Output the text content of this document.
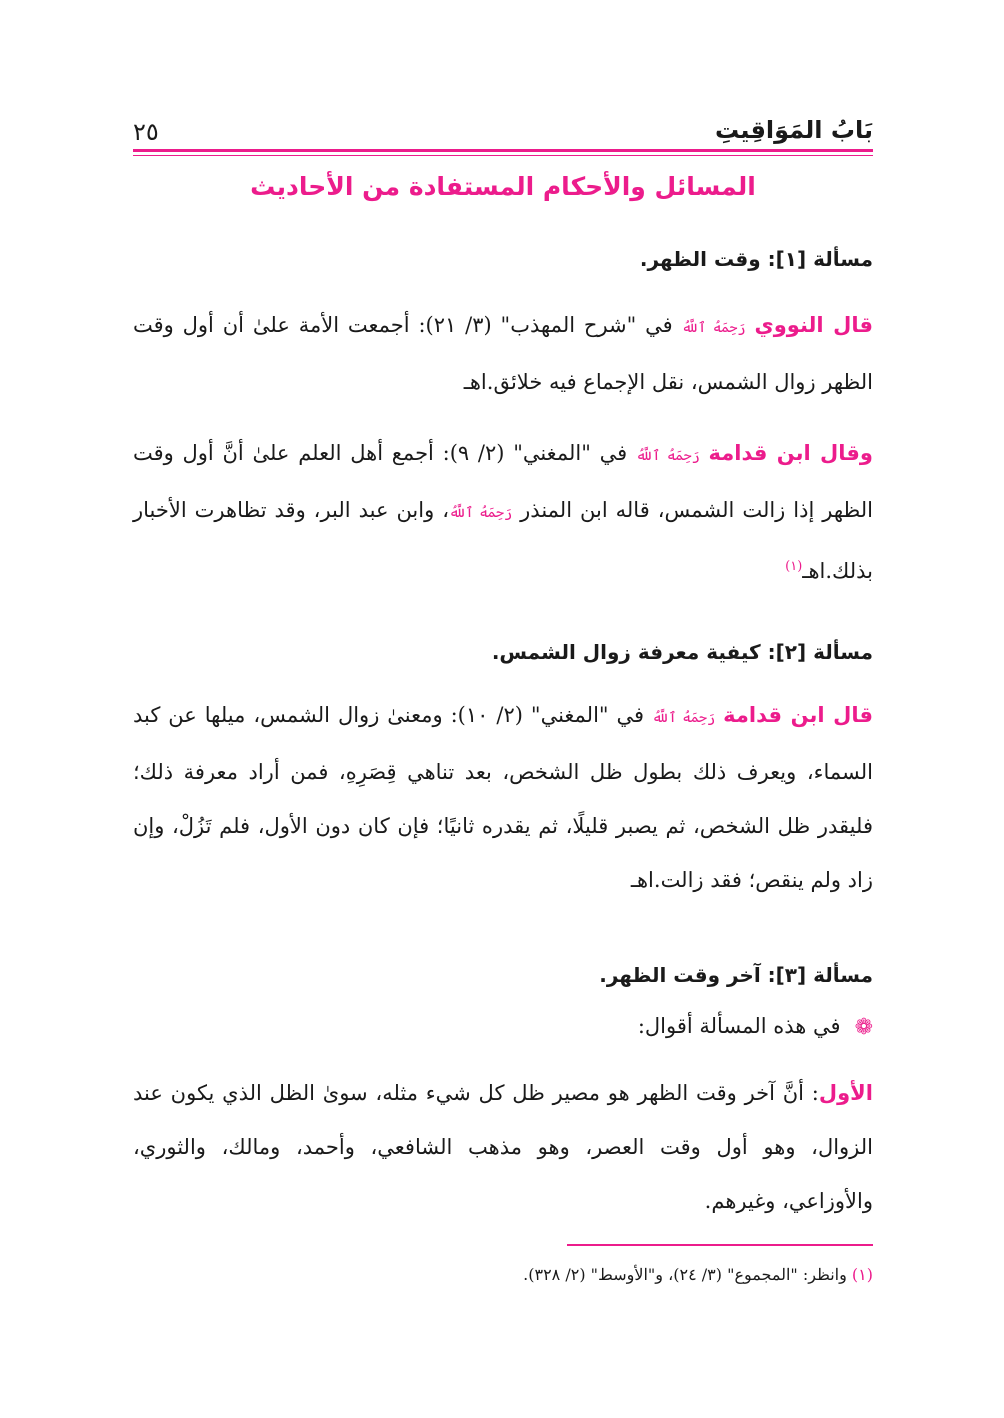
بَابُ المَوَاقِيتِ
٢٥
المسائل والأحكام المستفادة من الأحاديث
مسألة [١]: وقت الظهر.
قال النووي رَحِمَهُ ٱللَّهُ في "شرح المهذب" (٣/ ٢١): أجمعت الأمة علىٰ أن أول وقت الظهر زوال الشمس، نقل الإجماع فيه خلائق.اهـ
وقال ابن قدامة رَحِمَهُ ٱللَّهُ في "المغني" (٢/ ٩): أجمع أهل العلم علىٰ أنَّ أول وقت الظهر إذا زالت الشمس، قاله ابن المنذر رَحِمَهُ ٱللَّهُ، وابن عبد البر، وقد تظاهرت الأخبار بذلك.اهـ$^{(١)}$
مسألة [٢]: كيفية معرفة زوال الشمس.
قال ابن قدامة رَحِمَهُ ٱللَّهُ في "المغني" (٢/ ١٠): ومعنىٰ زوال الشمس، ميلها عن كبد السماء، ويعرف ذلك بطول ظل الشخص، بعد تناهي قِصَرِهِ، فمن أراد معرفة ذلك؛ فليقدر ظل الشخص، ثم يصبر قليلًا، ثم يقدره ثانيًا؛ فإن كان دون الأول، فلم تَزُلْ، وإن زاد ولم ينقص؛ فقد زالت.اهـ
مسألة [٣]: آخر وقت الظهر.
❁في هذه المسألة أقوال:
الأول: أنَّ آخر وقت الظهر هو مصير ظل كل شيء مثله، سوىٰ الظل الذي يكون عند الزوال، وهو أول وقت العصر، وهو مذهب الشافعي، وأحمد، ومالك، والثوري، والأوزاعي، وغيرهم.
(١) وانظر: "المجموع" (٣/ ٢٤)، و"الأوسط" (٢/ ٣٢٨).
